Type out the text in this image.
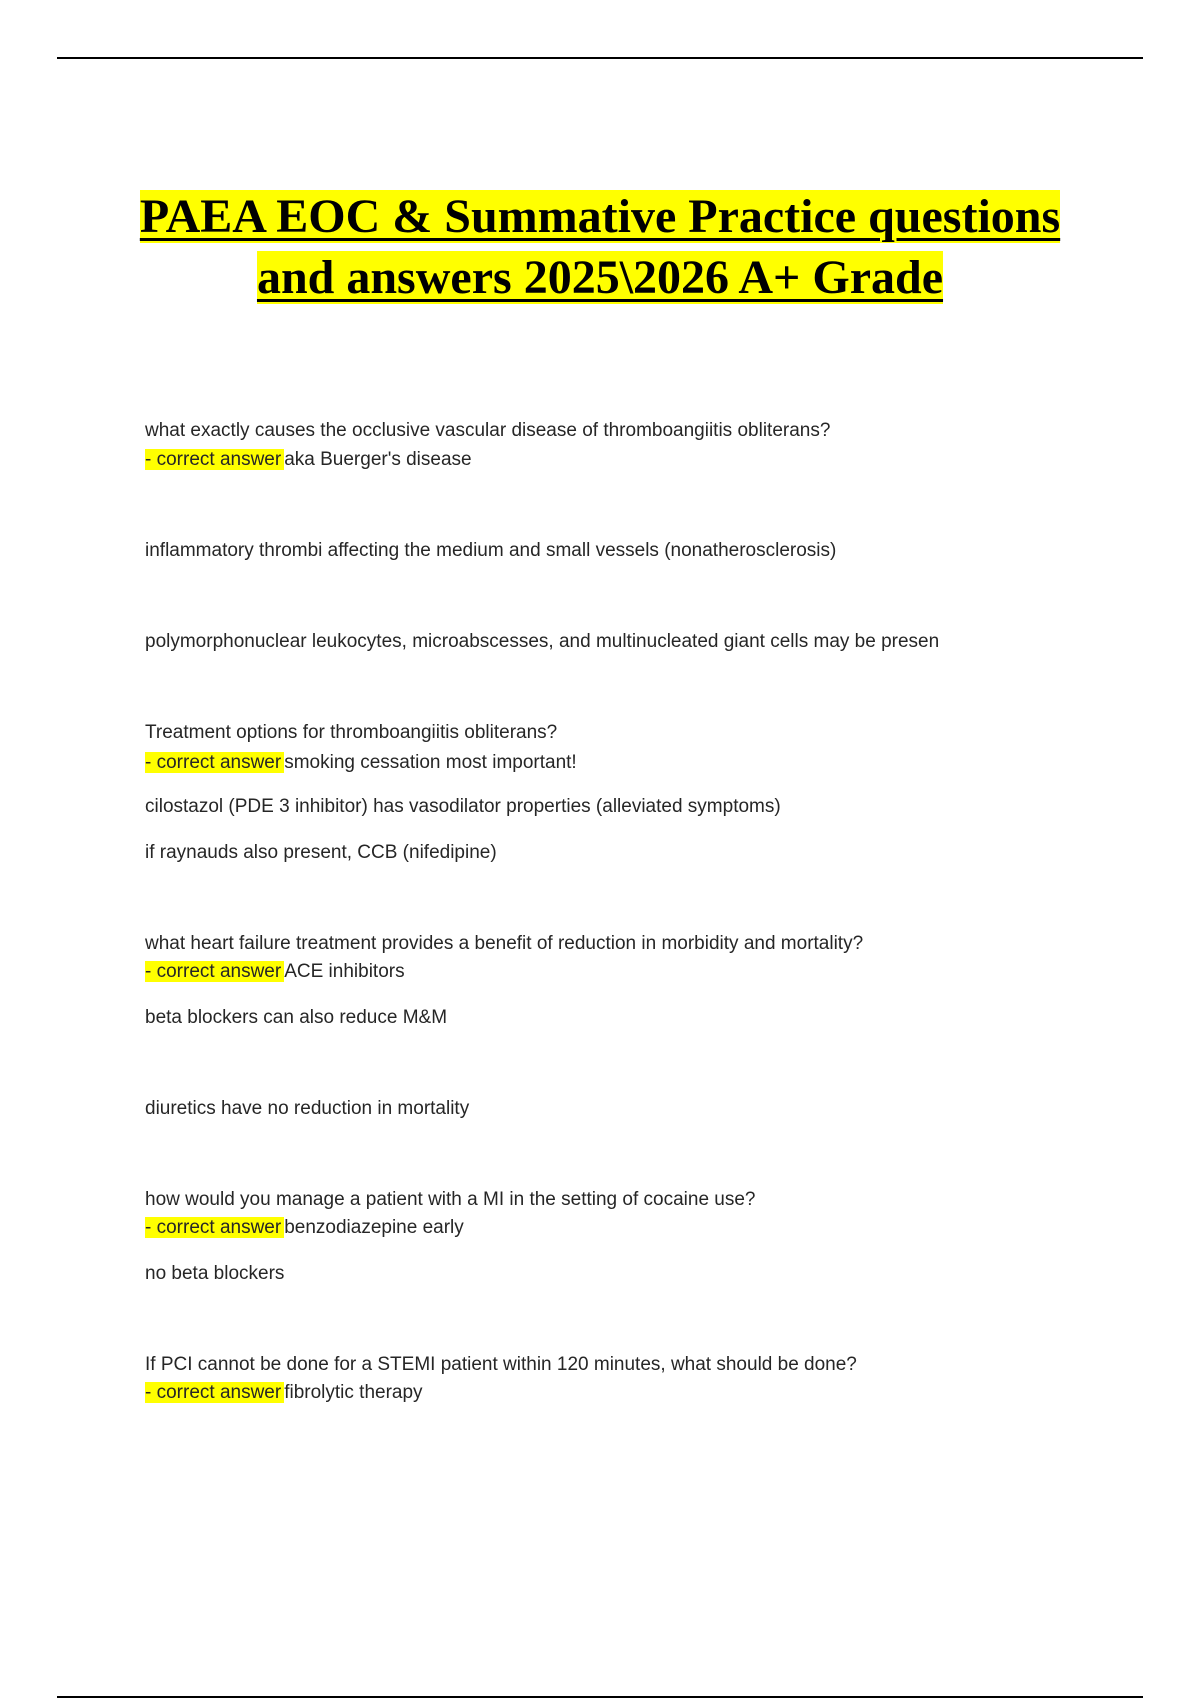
PAEA EOC & Summative Practice questions
and answers 2025\2026 A+ Grade
what exactly causes the occlusive vascular disease of thromboangiitis obliterans?
- correct answer aka Buerger's disease
inflammatory thrombi affecting the medium and small vessels (nonatherosclerosis)
polymorphonuclear leukocytes, microabscesses, and multinucleated giant cells may be presen
Treatment options for thromboangiitis obliterans?
- correct answer smoking cessation most important!
cilostazol (PDE 3 inhibitor) has vasodilator properties (alleviated symptoms)
if raynauds also present, CCB (nifedipine)
what heart failure treatment provides a benefit of reduction in morbidity and mortality?
- correct answer ACE inhibitors
beta blockers can also reduce M&M
diuretics have no reduction in mortality
how would you manage a patient with a MI in the setting of cocaine use?
- correct answer benzodiazepine early
no beta blockers
If PCI cannot be done for a STEMI patient within 120 minutes, what should be done?
- correct answer fibrolytic therapy
